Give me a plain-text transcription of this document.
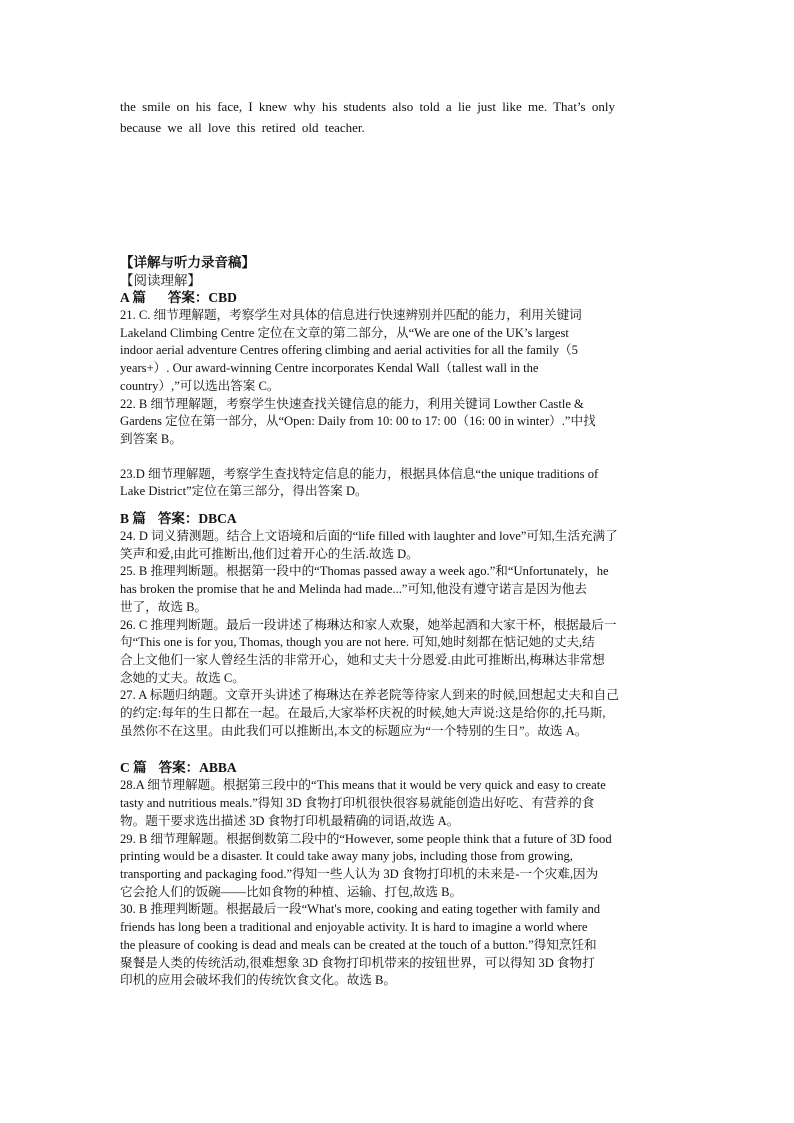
the smile on his face, I knew why his students also told a lie just like me. That’s only

because we all love this retired old teacher.

【详解与听力录音稿】

【阅读理解】

A 篇 答案：CBD

21. C. 细节理解题，考察学生对具体的信息进行快速辨别并匹配的能力，利用关键词
Lakeland Climbing Centre 定位在文章的第二部分，从“We are one of the UK’s largest
indoor aerial adventure Centres offering climbing and aerial activities for all the family（5
years+）. Our award-winning Centre incorporates Kendal Wall（tallest wall in the
country）,”可以选出答案 C。

22. B 细节理解题，考察学生快速查找关键信息的能力，利用关键词 Lowther Castle &
Gardens 定位在第一部分，从“Open: Daily from 10: 00 to 17: 00（16: 00 in winter）.”中找
到答案 B。

23.D 细节理解题，考察学生查找特定信息的能力，根据具体信息“the unique traditions of
Lake District”定位在第三部分，得出答案 D。

B 篇 答案：DBCA

24. D 词义猜测题。结合上文语境和后面的“life filled with laughter and love”可知,生活充满了
笑声和爱,由此可推断出,他们过着开心的生活.故选 D。

25. B 推理判断题。根据第一段中的“Thomas passed away a week ago.”和“Unfortunately，he
has broken the promise that he and Melinda had made...”可知,他没有遵守诺言是因为他去
世了，故选 B。

26. C 推理判断题。最后一段讲述了梅琳达和家人欢聚，她举起酒和大家干杯，根据最后一
句“This one is for you, Thomas, though you are not here. 可知,她时刻都在惦记她的丈夫,结
合上文他们一家人曾经生活的非常开心，她和丈夫十分恩爱.由此可推断出,梅琳达非常想
念她的丈夫。故选 C。

27. A 标题归纳题。文章开头讲述了梅琳达在养老院等待家人到来的时候,回想起丈夫和自己
的约定:每年的生日都在一起。在最后,大家举杯庆祝的时候,她大声说:这是给你的,托马斯,
虽然你不在这里。由此我们可以推断出,本文的标题应为“一个特别的生日”。故选 A。

C 篇 答案：ABBA

28.A 细节理解题。根据第三段中的“This means that it would be very quick and easy to create
tasty and nutritious meals.”得知 3D 食物打印机很快很容易就能创造出好吃、有营养的食
物。题干要求选出描述 3D 食物打印机最精确的词语,故选 A。

29. B 细节理解题。根据倒数第二段中的“However, some people think that a future of 3D food
printing would be a disaster. It could take away many jobs, including those from growing,
transporting and packaging food.”得知一些人认为 3D 食物打印机的未来是-一个灾难,因为
它会抢人们的饭碗——比如食物的种植、运输、打包,故选 B。

30. B 推理判断题。根据最后一段“What's more, cooking and eating together with family and
friends has long been a traditional and enjoyable activity. It is hard to imagine a world where
the pleasure of cooking is dead and meals can be created at the touch of a button.”得知烹饪和
聚餐是人类的传统活动,很难想象 3D 食物打印机带来的按钮世界，可以得知 3D 食物打
印机的应用会破坏我们的传统饮食文化。故选 B。
